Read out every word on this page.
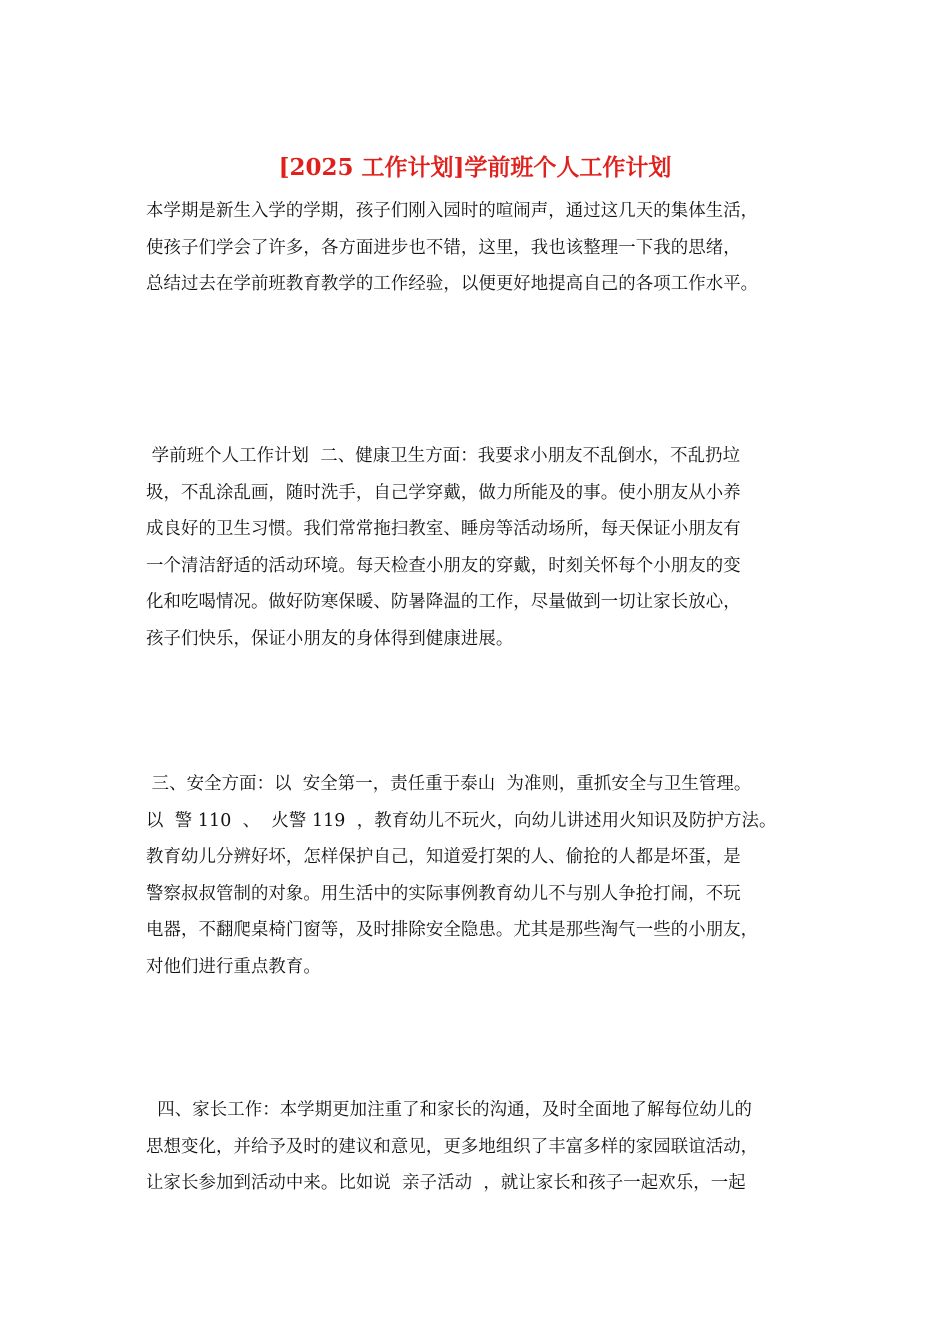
[2025 工作计划]学前班个人工作计划
本学期是新生入学的学期，孩子们刚入园时的喧闹声，通过这几天的集体生活，
使孩子们学会了许多，各方面进步也不错，这里，我也该整理一下我的思绪，
总结过去在学前班教育教学的工作经验，以便更好地提高自己的各项工作水平。
学前班个人工作计划  二、健康卫生方面：我要求小朋友不乱倒水，不乱扔垃
圾，不乱涂乱画，随时洗手，自己学穿戴，做力所能及的事。使小朋友从小养
成良好的卫生习惯。我们常常拖扫教室、睡房等活动场所，每天保证小朋友有
一个清洁舒适的活动环境。每天检查小朋友的穿戴，时刻关怀每个小朋友的变
化和吃喝情况。做好防寒保暖、防暑降温的工作，尽量做到一切让家长放心，
孩子们快乐，保证小朋友的身体得到健康进展。
三、安全方面：以  安全第一，责任重于泰山  为准则，重抓安全与卫生管理。
以  警 110  、  火警 119  ，教育幼儿不玩火，向幼儿讲述用火知识及防护方法。
教育幼儿分辨好坏，怎样保护自己，知道爱打架的人、偷抢的人都是坏蛋，是
警察叔叔管制的对象。用生活中的实际事例教育幼儿不与别人争抢打闹，不玩
电器，不翻爬桌椅门窗等，及时排除安全隐患。尤其是那些淘气一些的小朋友，
对他们进行重点教育。
四、家长工作：本学期更加注重了和家长的沟通，及时全面地了解每位幼儿的
思想变化，并给予及时的建议和意见，更多地组织了丰富多样的家园联谊活动，
让家长参加到活动中来。比如说  亲子活动  ，就让家长和孩子一起欢乐，一起
